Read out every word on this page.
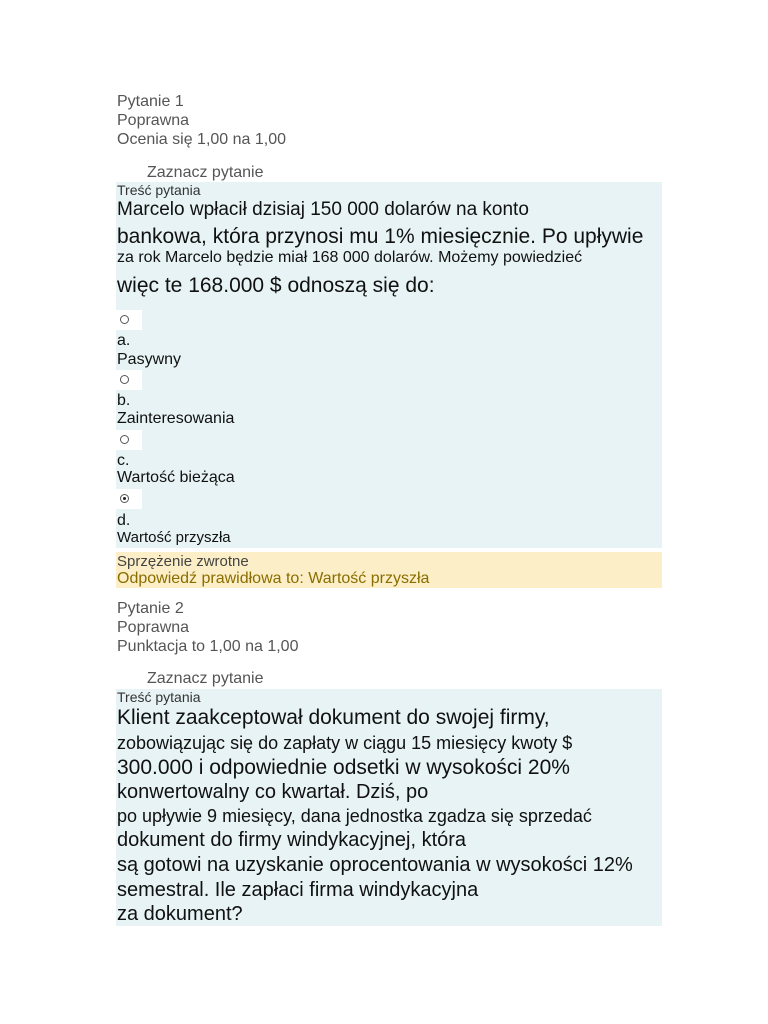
Pytanie 1
Poprawna
Ocenia się 1,00 na 1,00
Zaznacz pytanie
Treść pytania
Marcelo wpłacił dzisiaj 150 000 dolarów na konto
bankowa, która przynosi mu 1% miesięcznie. Po upływie
za rok Marcelo będzie miał 168 000 dolarów. Możemy powiedzieć
więc te 168.000 $ odnoszą się do:
a.
Pasywny
b.
Zainteresowania
c.
Wartość bieżąca
d.
Wartość przyszła
Sprzężenie zwrotne
Odpowiedź prawidłowa to: Wartość przyszła
Pytanie 2
Poprawna
Punktacja to 1,00 na 1,00
Zaznacz pytanie
Treść pytania
Klient zaakceptował dokument do swojej firmy,
zobowiązując się do zapłaty w ciągu 15 miesięcy kwoty $
300.000 i odpowiednie odsetki w wysokości 20%
konwertowalny co kwartał. Dziś, po
po upływie 9 miesięcy, dana jednostka zgadza się sprzedać
dokument do firmy windykacyjnej, która
są gotowi na uzyskanie oprocentowania w wysokości 12%
semestral. Ile zapłaci firma windykacyjna
za dokument?
